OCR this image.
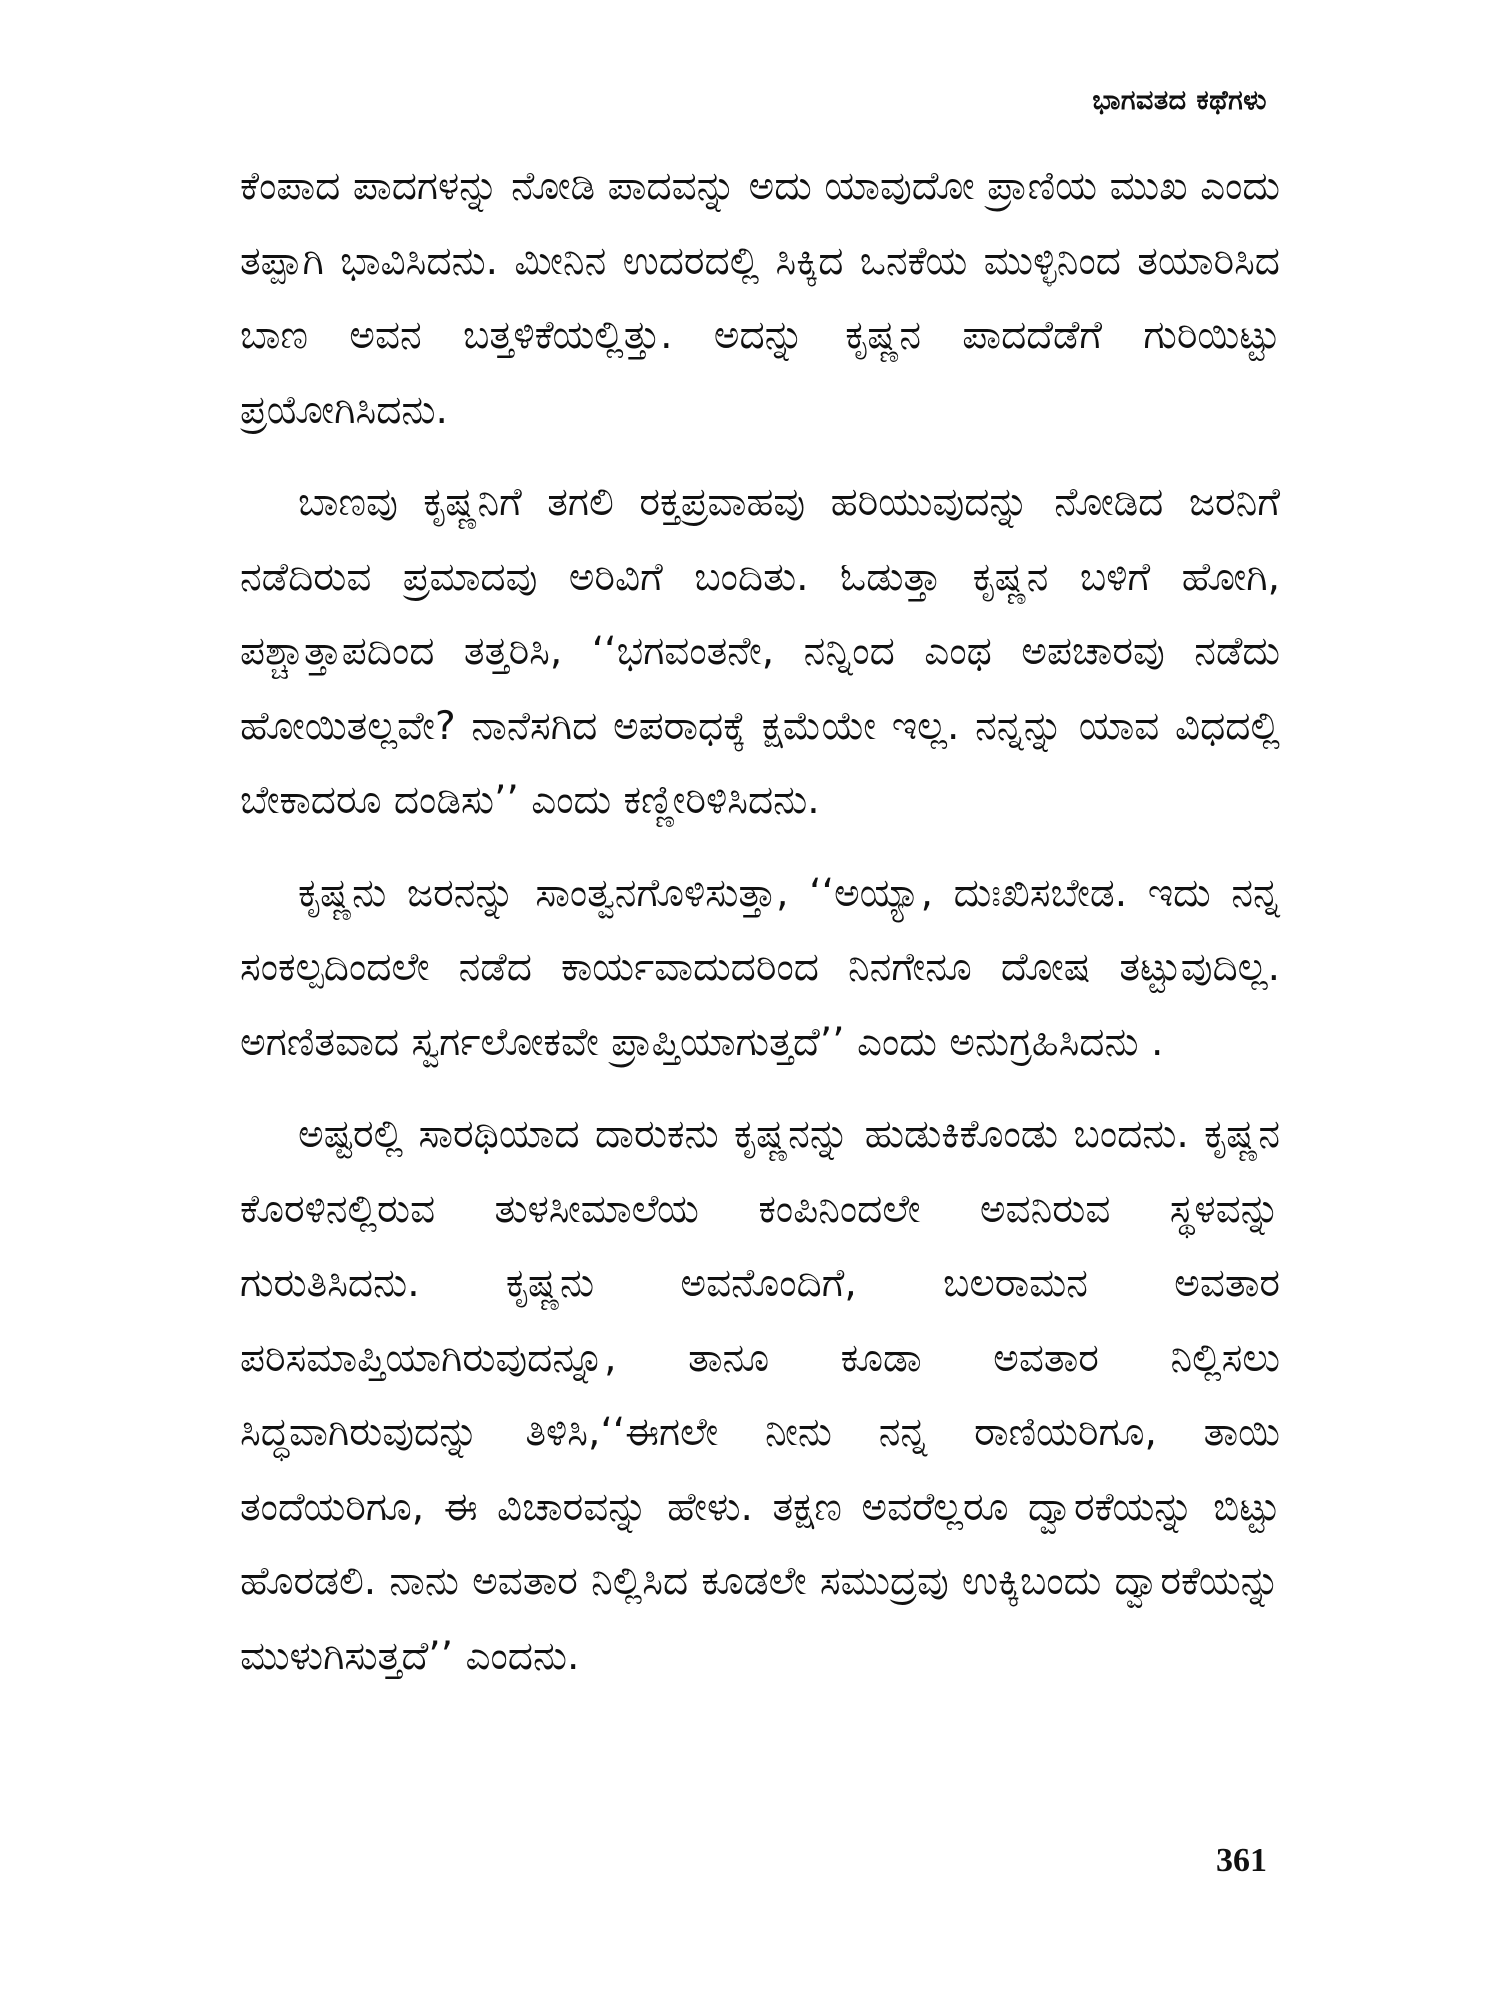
ಭಾಗವತದ ಕಥೆಗಳು

ಕೆಂಪಾದ ಪಾದಗಳನ್ನು ನೋಡಿ ಪಾದವನ್ನು ಅದು ಯಾವುದೋ ಪ್ರಾಣಿಯ ಮುಖ ಎಂದು ತಪ್ಪಾಗಿ ಭಾವಿಸಿದನು. ಮೀನಿನ ಉದರದಲ್ಲಿ ಸಿಕ್ಕಿದ ಒನಕೆಯ ಮುಳ್ಳಿನಿಂದ ತಯಾರಿಸಿದ ಬಾಣ ಅವನ ಬತ್ತಳಿಕೆಯಲ್ಲಿತ್ತು. ಅದನ್ನು ಕೃಷ್ಣನ ಪಾದದೆಡೆಗೆ ಗುರಿಯಿಟ್ಟು ಪ್ರಯೋಗಿಸಿದನು.

ಬಾಣವು ಕೃಷ್ಣನಿಗೆ ತಗಲಿ ರಕ್ತಪ್ರವಾಹವು ಹರಿಯುವುದನ್ನು ನೋಡಿದ ಜರನಿಗೆ ನಡೆದಿರುವ ಪ್ರಮಾದವು ಅರಿವಿಗೆ ಬಂದಿತು. ಓಡುತ್ತಾ ಕೃಷ್ಣನ ಬಳಿಗೆ ಹೋಗಿ, ಪಶ್ಚಾತ್ತಾಪದಿಂದ ತತ್ತರಿಸಿ, ‘‘ಭಗವಂತನೇ, ನನ್ನಿಂದ ಎಂಥ ಅಪಚಾರವು ನಡೆದು ಹೋಯಿತಲ್ಲವೇ? ನಾನೆಸಗಿದ ಅಪರಾಧಕ್ಕೆ ಕ್ಷಮೆಯೇ ಇಲ್ಲ. ನನ್ನನ್ನು ಯಾವ ವಿಧದಲ್ಲಿ ಬೇಕಾದರೂ ದಂಡಿಸು’’ ಎಂದು ಕಣ್ಣೀರಿಳಿಸಿದನು.

ಕೃಷ್ಣನು ಜರನನ್ನು ಸಾಂತ್ವನಗೊಳಿಸುತ್ತಾ, ‘‘ಅಯ್ಯಾ, ದುಃಖಿಸಬೇಡ. ಇದು ನನ್ನ ಸಂಕಲ್ಪದಿಂದಲೇ ನಡೆದ ಕಾರ್ಯವಾದುದರಿಂದ ನಿನಗೇನೂ ದೋಷ ತಟ್ಟುವುದಿಲ್ಲ. ಅಗಣಿತವಾದ ಸ್ವರ್ಗಲೋಕವೇ ಪ್ರಾಪ್ತಿಯಾಗುತ್ತದೆ’’ ಎಂದು ಅನುಗ್ರಹಿಸಿದನು .

ಅಷ್ಟರಲ್ಲಿ ಸಾರಥಿಯಾದ ದಾರುಕನು ಕೃಷ್ಣನನ್ನು ಹುಡುಕಿಕೊಂಡು ಬಂದನು. ಕೃಷ್ಣನ ಕೊರಳಿನಲ್ಲಿರುವ ತುಳಸೀಮಾಲೆಯ ಕಂಪಿನಿಂದಲೇ ಅವನಿರುವ ಸ್ಥಳವನ್ನು ಗುರುತಿಸಿದನು. ಕೃಷ್ಣನು ಅವನೊಂದಿಗೆ, ಬಲರಾಮನ ಅವತಾರ ಪರಿಸಮಾಪ್ತಿಯಾಗಿರುವುದನ್ನೂ, ತಾನೂ ಕೂಡಾ ಅವತಾರ ನಿಲ್ಲಿಸಲು ಸಿದ್ಧವಾಗಿರುವುದನ್ನು ತಿಳಿಸಿ,‘‘ಈಗಲೇ ನೀನು ನನ್ನ ರಾಣಿಯರಿಗೂ, ತಾಯಿ ತಂದೆಯರಿಗೂ, ಈ ವಿಚಾರವನ್ನು ಹೇಳು. ತಕ್ಷಣ ಅವರೆಲ್ಲರೂ ದ್ವಾರಕೆಯನ್ನು ಬಿಟ್ಟು ಹೊರಡಲಿ. ನಾನು ಅವತಾರ ನಿಲ್ಲಿಸಿದ ಕೂಡಲೇ ಸಮುದ್ರವು ಉಕ್ಕಿಬಂದು ದ್ವಾರಕೆಯನ್ನು ಮುಳುಗಿಸುತ್ತದೆ’’ ಎಂದನು.

361
